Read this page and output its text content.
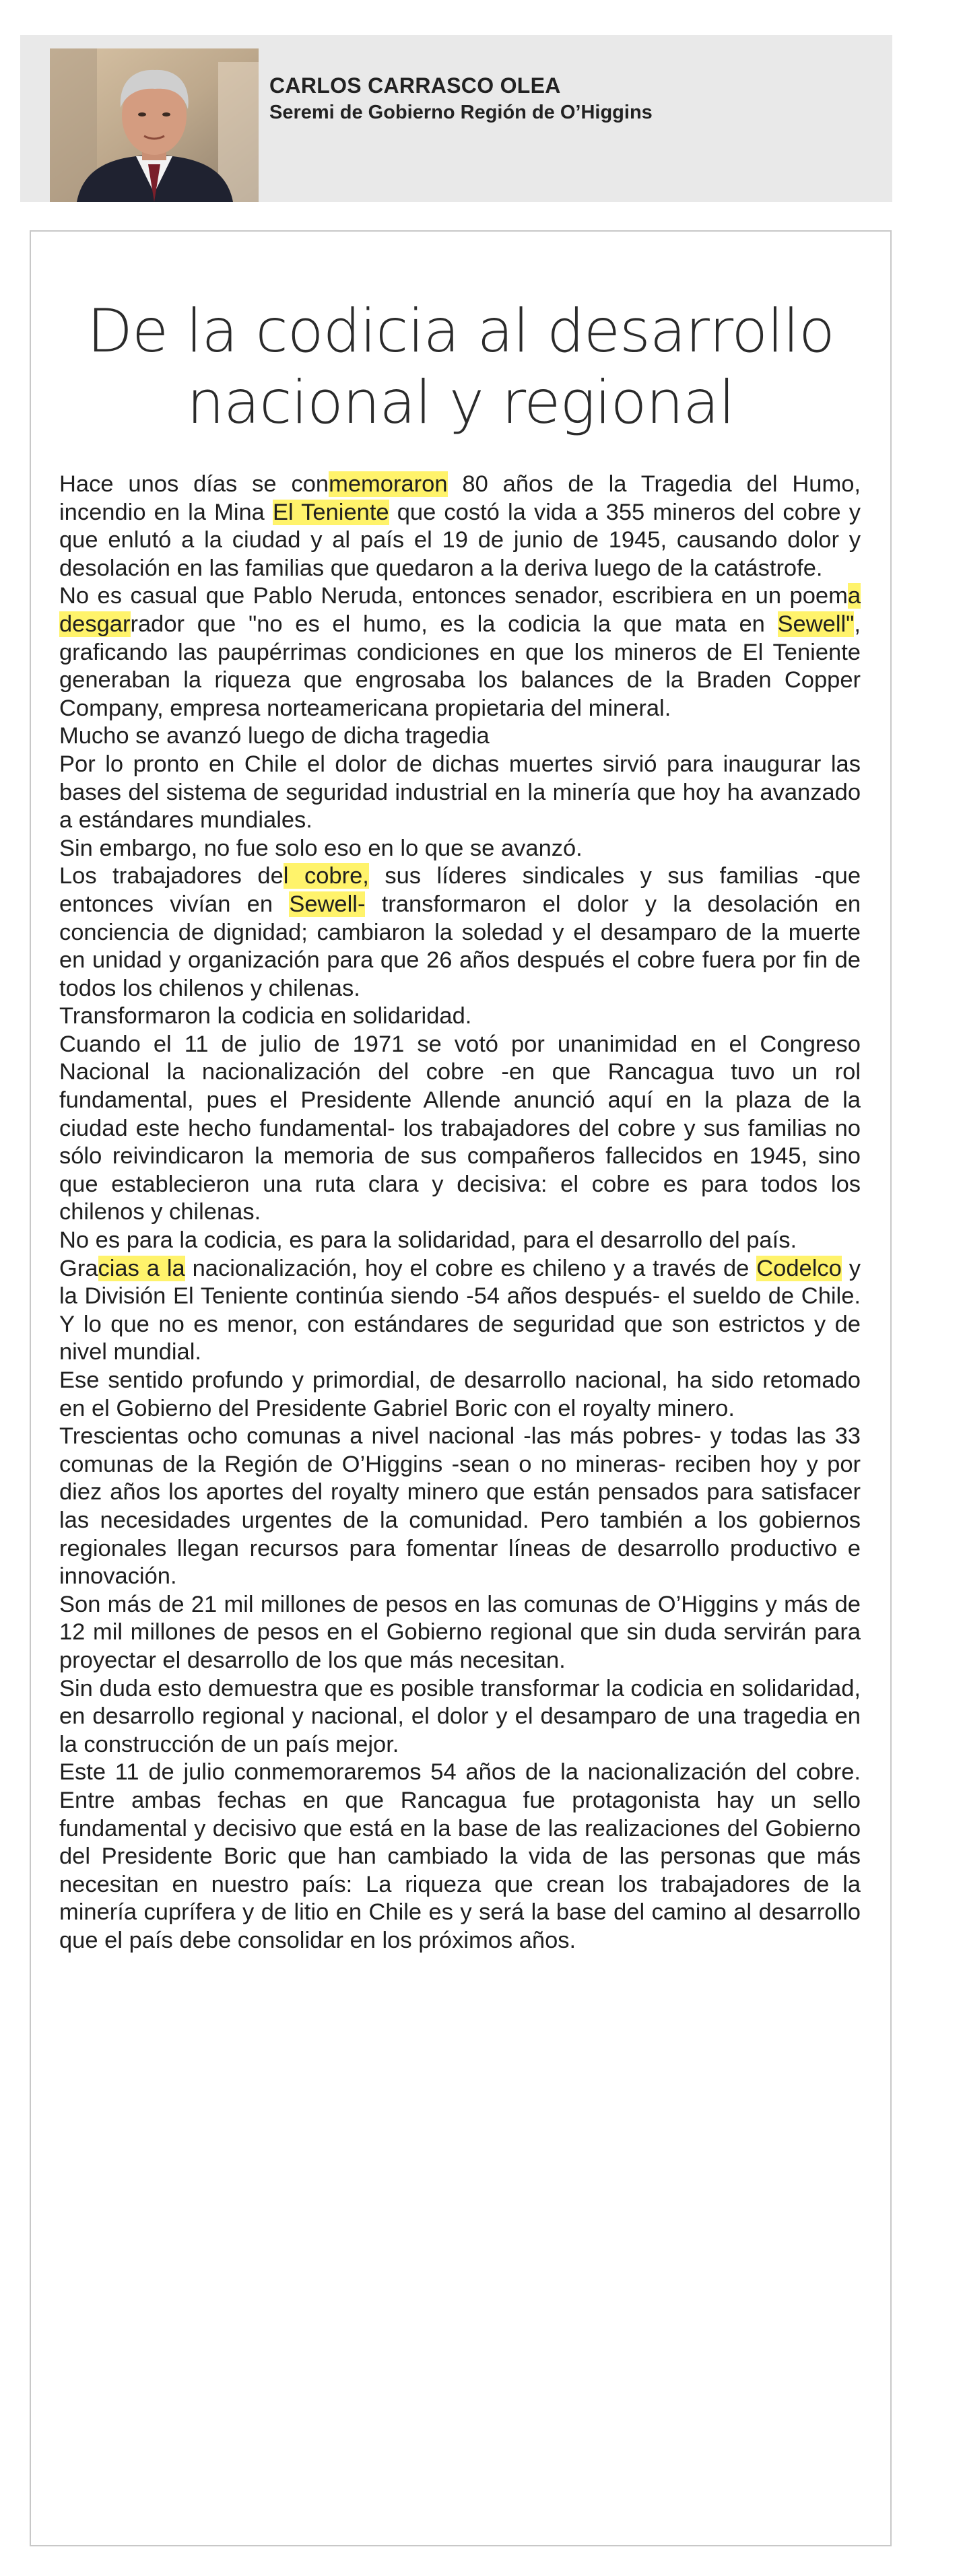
CARLOS CARRASCO OLEA
Seremi de Gobierno Región de O’Higgins
De la codicia al desarrollo
nacional y regional

Hace unos días se conmemoraron 80 años de la Tragedia del Humo, incendio en la Mina El Teniente que costó la vida a 355 mineros del cobre y que enlutó a la ciudad y al país el 19 de junio de 1945, causando dolor y desolación en las familias que quedaron a la deriva luego de la catástrofe.

No es casual que Pablo Neruda, entonces senador, escribiera en un poema desgarrador que "no es el humo, es la codicia la que mata en Sewell", graficando las paupérrimas condiciones en que los mineros de El Teniente generaban la riqueza que engrosaba los balances de la Braden Copper Company, empresa norteamericana propietaria del mineral.

Mucho se avanzó luego de dicha tragedia

Por lo pronto en Chile el dolor de dichas muertes sirvió para inaugurar las bases del sistema de seguridad industrial en la minería que hoy ha avanzado a estándares mundiales.

Sin embargo, no fue solo eso en lo que se avanzó.

Los trabajadores del cobre, sus líderes sindicales y sus familias -que entonces vivían en Sewell- transformaron el dolor y la desolación en conciencia de dignidad; cambiaron la soledad y el desamparo de la muerte en unidad y organización para que 26 años después el cobre fuera por fin de todos los chilenos y chilenas.

Transformaron la codicia en solidaridad.

Cuando el 11 de julio de 1971 se votó por unanimidad en el Congreso Nacional la nacionalización del cobre -en que Rancagua tuvo un rol fundamental, pues el Presidente Allende anunció aquí en la plaza de la ciudad este hecho fundamental- los trabajadores del cobre y sus familias no sólo reivindicaron la memoria de sus compañeros fallecidos en 1945, sino que establecieron una ruta clara y decisiva: el cobre es para todos los chilenos y chilenas.

No es para la codicia, es para la solidaridad, para el desarrollo del país.

Gracias a la nacionalización, hoy el cobre es chileno y a través de Codelco y la División El Teniente continúa siendo -54 años después- el sueldo de Chile. Y lo que no es menor, con estándares de seguridad que son estrictos y de nivel mundial.

Ese sentido profundo y primordial, de desarrollo nacional, ha sido retomado en el Gobierno del Presidente Gabriel Boric con el royalty minero.

Trescientas ocho comunas a nivel nacional -las más pobres- y todas las 33 comunas de la Región de O’Higgins -sean o no mineras- reciben hoy y por diez años los aportes del royalty minero que están pensados para satisfacer las necesidades urgentes de la comunidad. Pero también a los gobiernos regionales llegan recursos para fomentar líneas de desarrollo productivo e innovación.

Son más de 21 mil millones de pesos en las comunas de O’Higgins y más de 12 mil millones de pesos en el Gobierno regional que sin duda servirán para proyectar el desarrollo de los que más necesitan.

Sin duda esto demuestra que es posible transformar la codicia en solidaridad, en desarrollo regional y nacional, el dolor y el desamparo de una tragedia en la construcción de un país mejor.

Este 11 de julio conmemoraremos 54 años de la nacionalización del cobre. Entre ambas fechas en que Rancagua fue protagonista hay un sello fundamental y decisivo que está en la base de las realizaciones del Gobierno del Presidente Boric que han cambiado la vida de las personas que más necesitan en nuestro país: La riqueza que crean los trabajadores de la minería cuprífera y de litio en Chile es y será la base del camino al desarrollo que el país debe consolidar en los próximos años.
